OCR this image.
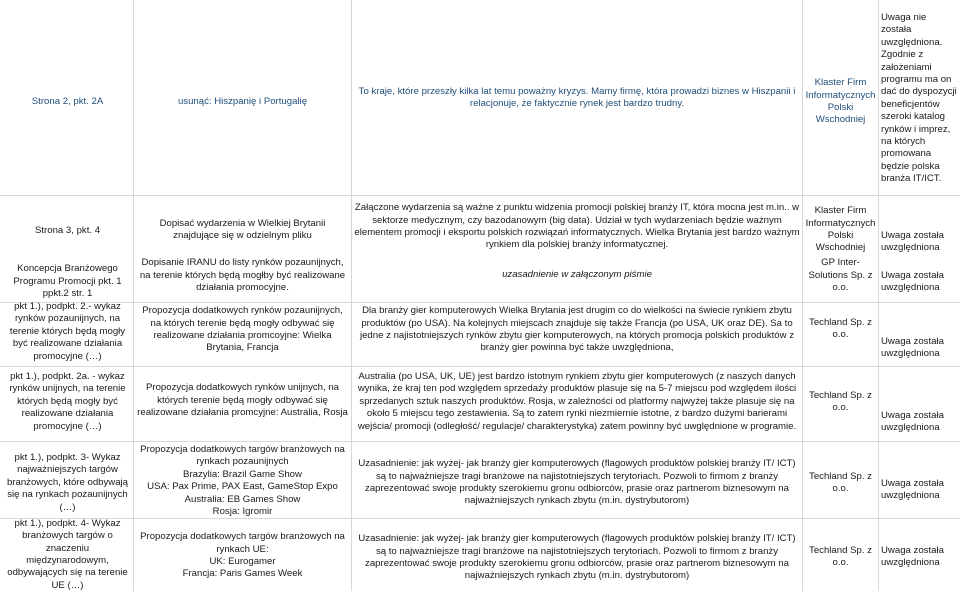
Strona 2, pkt. 2A	usunąć: Hiszpanię i Portugalię
To kraje, które przeszły kilka lat temu poważny kryzys. Mamy firmę, która prowadzi biznes w Hiszpanii i relacjonuje, że faktycznie rynek jest bardzo trudny.
Klaster Firm Informatycznych Polski Wschodniej
Uwaga nie została uwzględniona. Zgodnie z założeniami programu ma on dać do dyspozycji beneficjentów szeroki katalog rynków i imprez, na których promowana będzie polska branża IT/ICT.
Strona 3, pkt. 4
Dopisać wydarzenia w Wielkiej Brytanii znajdujące się w odzielnym pliku
Załączone wydarzenia są ważne z punktu widzenia promocji polskiej branży IT, która mocna jest m.in.. w sektorze medycznym, czy bazodanowym (big data). Udział w tych wydarzeniach będzie ważnym elementem promocji i eksportu polskich rozwiązań informatycznych. Wielka Brytania jest bardzo ważnym rynkiem dla polskiej branży informatycznej.
Klaster Firm Informatycznych Polski Wschodniej
Uwaga została uwzględniona
Koncepcja Branżowego Programu Promocji pkt. 1 ppkt.2 str. 1
Dopisanie IRANU do listy rynków pozaunijnych, na terenie których będą mogłby być realizowane działania promocyjne.
uzasadnienie w załączonym piśmie
GP Inter-Solutions Sp. z o.o.
Uwaga została uwzględniona
pkt 1.), podpkt. 2.- wykaz rynków pozaunijnych, na terenie których będą mogły być realizowane działania promocyjne (…)
Propozycja dodatkowych rynków pozaunijnych, na których terenie będą mogły odbywać się realizowane działania promcoyjne: Wielka Brytania, Francja
Dla branży gier komputerowych Wielka Brytania jest drugim co do wielkości na świecie rynkiem zbytu produktów (po USA). Na kolejnych miejscach znajduje się także Francja (po USA, UK oraz DE). Sa to jedne z najistotniejszych rynków zbytu gier komputerowych, na których promocja polskich produktów z branży gier powinna być także uwzględniona,
Techland Sp. z o.o.
Uwaga została uwzględniona
pkt 1.), podpkt. 2a. - wykaz rynków unijnych, na terenie których będą mogły być realizowane działania promocyjne (…)
Propozycja dodatkowych rynków unijnych, na których terenie będą mogły odbywać się realizowane działania promcyjne: Australia, Rosja
Australia (po USA, UK, UE) jest bardzo istotnym rynkiem zbytu gier komputerowych (z naszych danych wynika, że kraj ten pod względem sprzedaży produktów plasuje się na 5-7 miejscu pod względem ilości sprzedanych sztuk naszych produktów. Rosja, w zależności od platformy najwyżej także plasuje się na około 5 miejscu tego zestawienia. Są to zatem rynki niezmiernie istotne, z bardzo dużymi barierami wejścia/ promocji (odległość/ regulacje/ charakterystyka) zatem powinny być uwględnione w programie.
Techland Sp. z o.o.
Uwaga została uwzględniona
pkt 1.), podpkt. 3- Wykaz najważniejszych targów branżowych, które odbywają się na rynkach pozaunijnych (…)
Propozycja dodatkowych targów branżowych na rynkach pozaunijnych
Brazylia: Brazil Game Show
USA: Pax Prime, PAX East, GameStop Expo
Australia: EB Games Show
Rosja: Igromir
Uzasadnienie: jak wyżej- jak branży gier komputerowych (flagowych produktów polskiej branży IT/ ICT) są to najważniejsze tragi branżowe na najistotniejszych terytoriach. Pozwoli to firmom z branży zaprezentować swoje produkty szerokiemu gronu odbiorców, prasie oraz partnerom biznesowym na najważniejszych rynkach zbytu (m.in. dystrybutorom)
Techland Sp. z o.o.	Uwaga została uwzględniona
pkt 1.), podpkt. 4- Wykaz branżowych targów o znaczeniu międzynarodowym, odbywających się na terenie UE (…)
Propozycja dodatkowych targów branżowych na rynkach UE:
UK: Eurogamer
Francja: Paris Games Week
Uzasadnienie: jak wyżej- jak branży gier komputerowych (flagowych produktów polskiej branży IT/ ICT) są to najważniejsze tragi branżowe na najistotniejszych terytoriach. Pozwoli to firmom z branży zaprezentować swoje produkty szerokiemu gronu odbiorców, prasie oraz partnerom biznesowym na najważniejszych rynkach zbytu (m.in. dystrybutorom)
Techland Sp. z o.o.
Uwaga została uwzględniona
